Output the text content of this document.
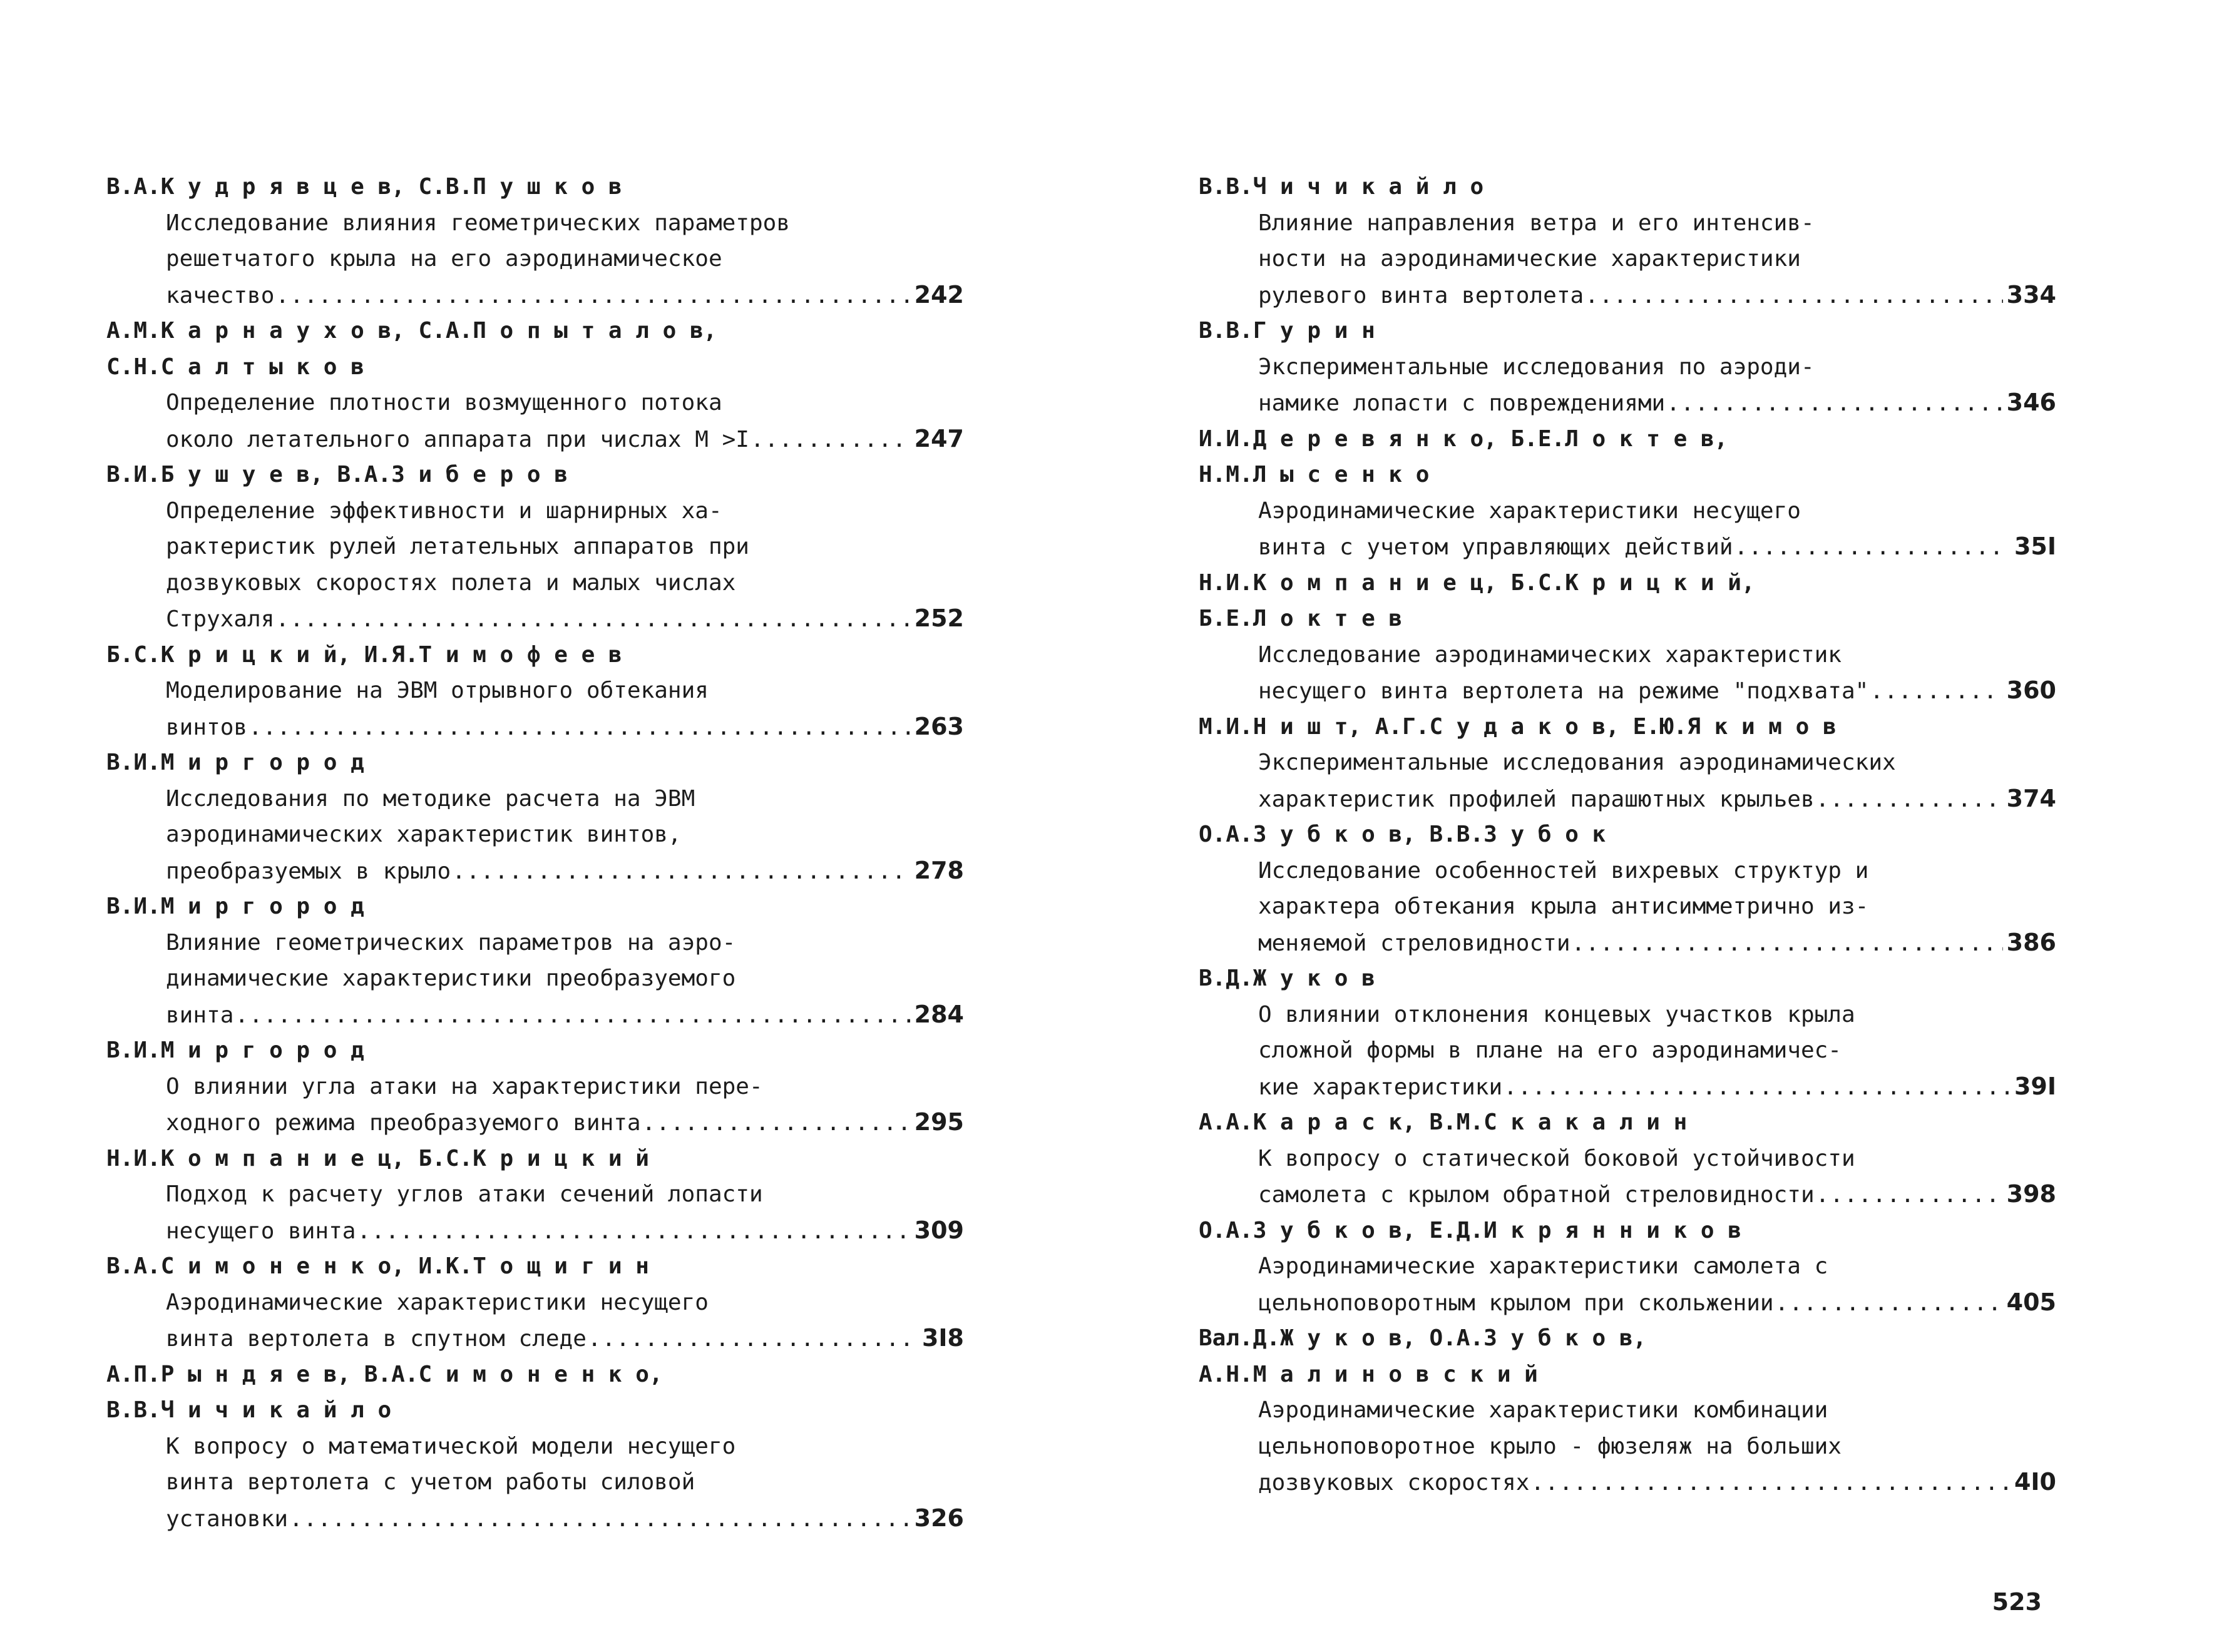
В.А.К у д р я в ц е в, С.В.П у ш к о в
Исследование влияния геометрических параметров
решетчатого крыла на его аэродинамическое
качество .....	242
А.М.К а р н а у х о в, С.А.П о п ы т а л о в,
С.Н.С а л т ы к о в
Определение плотности возмущенного потока
около летательного аппарата при числах М >I .....	247
В.И.Б у ш у е в, В.А.З и б е р о в
Определение эффективности и шарнирных ха-
рактеристик рулей летательных аппаратов при
дозвуковых скоростях полета и малых числах
Струхаля .....	252
Б.С.К р и ц к и й, И.Я.Т и м о ф е е в
Моделирование на ЭВМ отрывного обтекания
винтов .....	263
В.И.М и р г о р о д
Исследования по методике расчета на ЭВМ
аэродинамических характеристик винтов,
преобразуемых в крыло .....	278
В.И.М и р г о р о д
Влияние геометрических параметров на аэро-
динамические характеристики преобразуемого
винта .....	284
В.И.М и р г о р о д
О влиянии угла атаки на характеристики пере-
ходного режима преобразуемого винта .....	295
Н.И.К о м п а н и е ц, Б.С.К р и ц к и й
Подход к расчету углов атаки сечений лопасти
несущего винта .....	309
В.А.С и м о н е н к о, И.К.Т о щ и г и н
Аэродинамические характеристики несущего
винта вертолета в спутном следе .....	3I8
А.П.Р ы н д я е в, В.А.С и м о н е н к о,
В.В.Ч и ч и к а й л о
К вопросу о математической модели несущего
винта вертолета с учетом работы силовой
установки .....	326
В.В.Ч и ч и к а й л о
Влияние направления ветра и его интенсив-
ности на аэродинамические характеристики
рулевого винта вертолета .....	334
В.В.Г у р и н
Экспериментальные исследования по аэроди-
намике лопасти с повреждениями .....	346
И.И.Д е р е в я н к о, Б.Е.Л о к т е в,
Н.М.Л ы с е н к о
Аэродинамические характеристики несущего
винта с учетом управляющих действий .....	35I
Н.И.К о м п а н и е ц, Б.С.К р и ц к и й,
Б.Е.Л о к т е в
Исследование аэродинамических характеристик
несущего винта вертолета на режиме "подхвата" .....	360
М.И.Н и ш т, А.Г.С у д а к о в, Е.Ю.Я к и м о в
Экспериментальные исследования аэродинамических
характеристик профилей парашютных крыльев .....	374
О.А.З у б к о в, В.В.З у б о к
Исследование особенностей вихревых структур и
характера обтекания крыла антисимметрично из-
меняемой стреловидности .....	386
В.Д.Ж у к о в
О влиянии отклонения концевых участков крыла
сложной формы в плане на его аэродинамичес-
кие характеристики .....	39I
А.А.К а р а с к, В.М.С к а к а л и н
К вопросу о статической боковой устойчивости
самолета с крылом обратной стреловидности .....	398
О.А.З у б к о в, Е.Д.И к р я н н и к о в
Аэродинамические характеристики самолета с
цельноповоротным крылом при скольжении .....	405
Вал.Д.Ж у к о в, О.А.З у б к о в,
А.Н.М а л и н о в с к и й
Аэродинамические характеристики комбинации
цельноповоротное крыло - фюзеляж на больших
дозвуковых скоростях .....	4I0
523
